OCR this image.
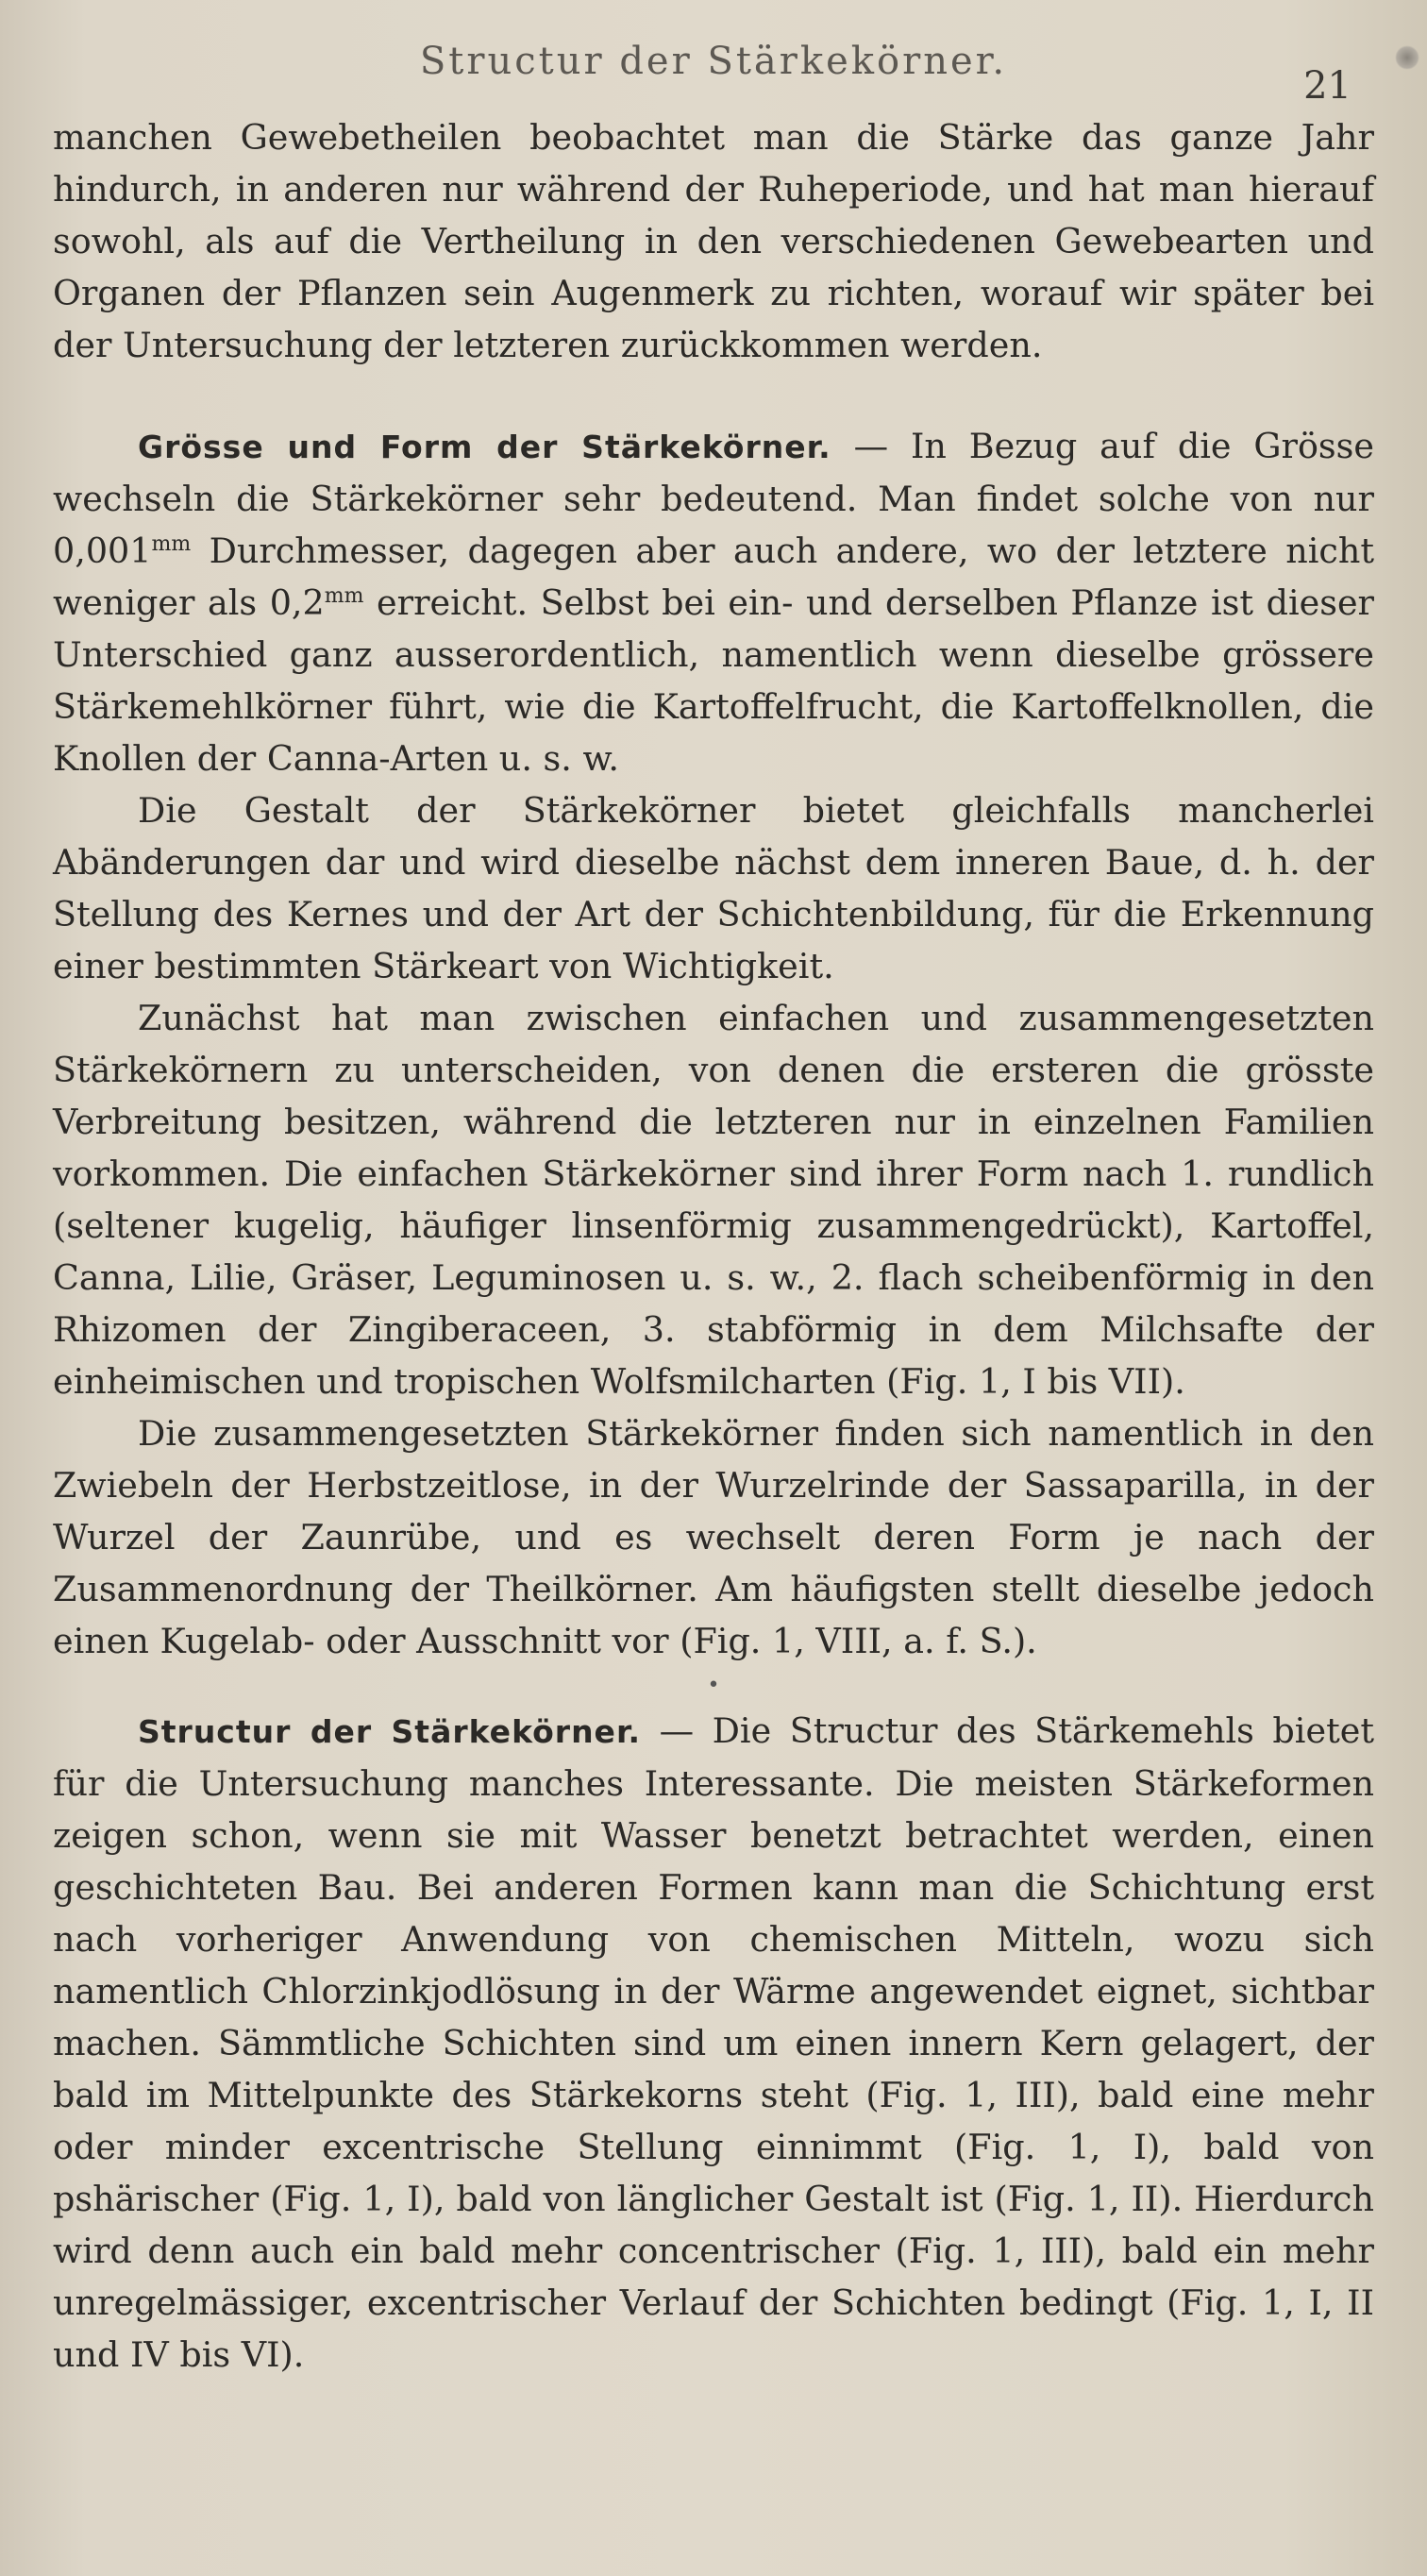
Structur der Stärkekörner.
21

manchen Gewebetheilen beobachtet man die Stärke das ganze Jahr hindurch, in anderen nur während der Ruheperiode, und hat man hierauf sowohl, als auf die Vertheilung in den verschiedenen Gewebearten und Organen der Pflanzen sein Augenmerk zu richten, worauf wir später bei der Untersuchung der letzteren zurückkommen werden.

Grösse und Form der Stärkekörner. — In Bezug auf die Grösse wechseln die Stärkekörner sehr bedeutend. Man findet solche von nur $0,001^{mm}$ Durchmesser, dagegen aber auch andere, wo der letztere nicht weniger als $0,2^{mm}$ erreicht. Selbst bei ein- und derselben Pflanze ist dieser Unterschied ganz ausserordentlich, namentlich wenn dieselbe grössere Stärkemehlkörner führt, wie die Kartoffelfrucht, die Kartoffelknollen, die Knollen der Canna-Arten u. s. w.

Die Gestalt der Stärkekörner bietet gleichfalls mancherlei Abänderungen dar und wird dieselbe nächst dem inneren Baue, d. h. der Stellung des Kernes und der Art der Schichtenbildung, für die Erkennung einer bestimmten Stärkeart von Wichtigkeit.

Zunächst hat man zwischen einfachen und zusammengesetzten Stärkekörnern zu unterscheiden, von denen die ersteren die grösste Verbreitung besitzen, während die letzteren nur in einzelnen Familien vorkommen. Die einfachen Stärkekörner sind ihrer Form nach 1. rundlich (seltener kugelig, häufiger linsenförmig zusammengedrückt), Kartoffel, Canna, Lilie, Gräser, Leguminosen u. s. w., 2. flach scheibenförmig in den Rhizomen der Zingiberaceen, 3. stabförmig in dem Milchsafte der einheimischen und tropischen Wolfsmilcharten (Fig. 1, I bis VII).

Die zusammengesetzten Stärkekörner finden sich namentlich in den Zwiebeln der Herbstzeitlose, in der Wurzelrinde der Sassaparilla, in der Wurzel der Zaunrübe, und es wechselt deren Form je nach der Zusammenordnung der Theilkörner. Am häufigsten stellt dieselbe jedoch einen Kugelab- oder Ausschnitt vor (Fig. 1, VIII, a. f. S.).

•

Structur der Stärkekörner. — Die Structur des Stärkemehls bietet für die Untersuchung manches Interessante. Die meisten Stärkeformen zeigen schon, wenn sie mit Wasser benetzt betrachtet werden, einen geschichteten Bau. Bei anderen Formen kann man die Schichtung erst nach vorheriger Anwendung von chemischen Mitteln, wozu sich namentlich Chlorzinkjodlösung in der Wärme angewendet eignet, sichtbar machen. Sämmtliche Schichten sind um einen innern Kern gelagert, der bald im Mittelpunkte des Stärkekorns steht (Fig. 1, III), bald eine mehr oder minder excentrische Stellung einnimmt (Fig. 1, I), bald von pshärischer (Fig. 1, I), bald von länglicher Gestalt ist (Fig. 1, II). Hierdurch wird denn auch ein bald mehr concentrischer (Fig. 1, III), bald ein mehr unregelmässiger, excentrischer Verlauf der Schichten bedingt (Fig. 1, I, II und IV bis VI).
